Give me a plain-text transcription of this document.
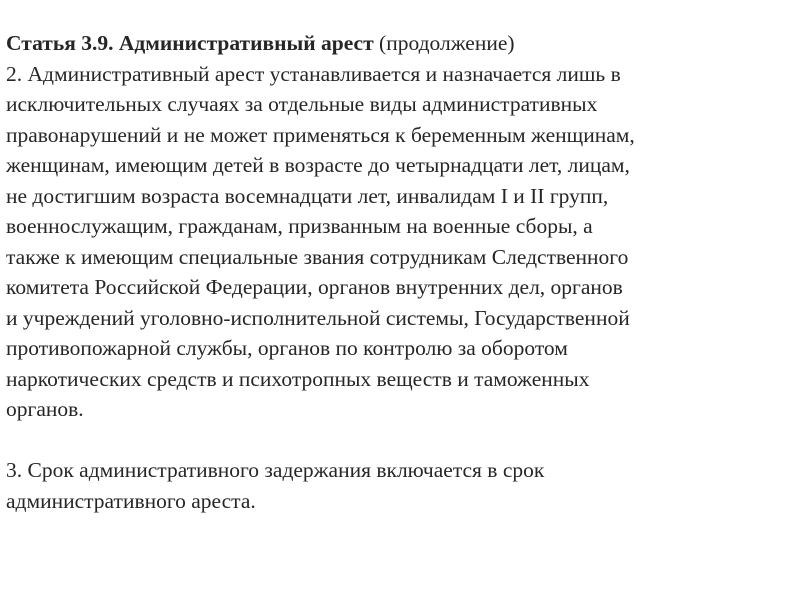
Статья 3.9. Административный арест (продолжение)
2. Административный арест устанавливается и назначается лишь в
исключительных случаях за отдельные виды административных
правонарушений и не может применяться к беременным женщинам,
женщинам, имеющим детей в возрасте до четырнадцати лет, лицам,
не достигшим возраста восемнадцати лет, инвалидам I и II групп,
военнослужащим, гражданам, призванным на военные сборы, а
также к имеющим специальные звания сотрудникам Следственного
комитета Российской Федерации, органов внутренних дел, органов
и учреждений уголовно-исполнительной системы, Государственной
противопожарной службы, органов по контролю за оборотом
наркотических средств и психотропных веществ и таможенных
органов.
3. Срок административного задержания включается в срок
административного ареста.
